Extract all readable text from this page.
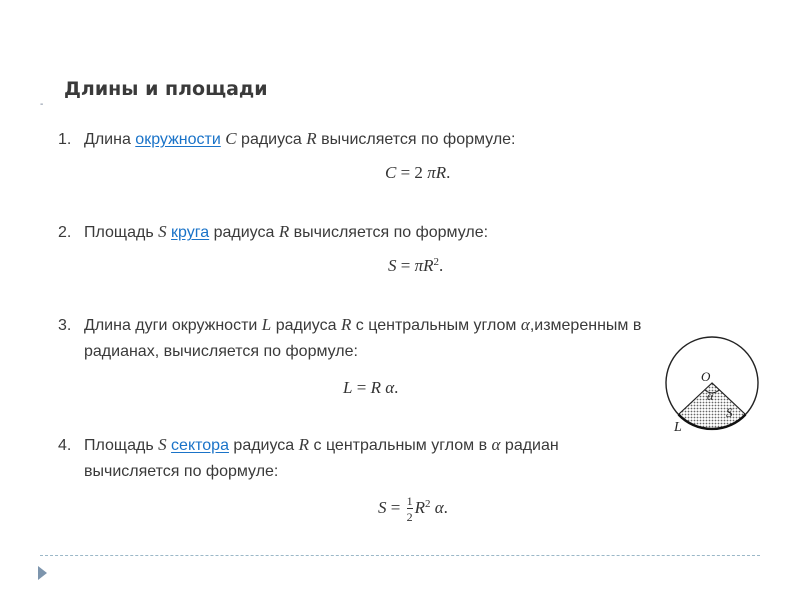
-
Длины и площади
1. Длина окружности C радиуса R вычисляется по формуле:
C = 2 πR.
2. Площадь S круга радиуса R вычисляется по формуле:
$S = \pi R^2$.
3. Длина дуги окружности L радиуса R с центральным углом α,измеренным в
радианах, вычисляется по формуле:
L = R α.
4. Площадь S сектора радиуса R с центральным углом в α радиан
вычисляется по формуле:
$S = \frac{1}{2} R^2$ α.
O
α
L
S
